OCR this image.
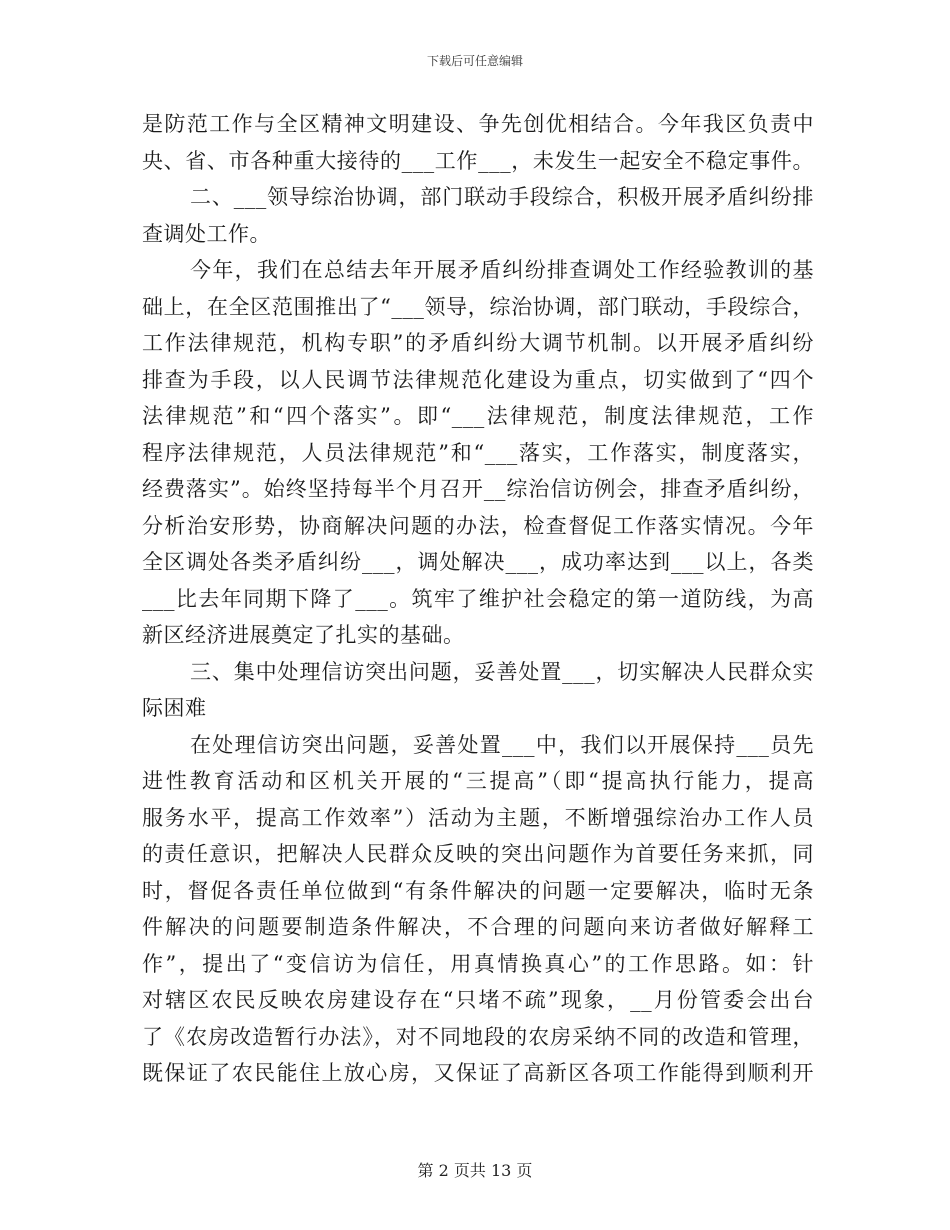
下载后可任意编辑
是防范工作与全区精神文明建设、争先创优相结合。今年我区负责中
央、省、市各种重大接待的___工作___，未发生一起安全不稳定事件。
二、___领导综治协调，部门联动手段综合，积极开展矛盾纠纷排
查调处工作。
今年，我们在总结去年开展矛盾纠纷排查调处工作经验教训的基
础上，在全区范围推出了“___领导，综治协调，部门联动，手段综合，
工作法律规范，机构专职”的矛盾纠纷大调节机制。以开展矛盾纠纷
排查为手段，以人民调节法律规范化建设为重点，切实做到了“四个
法律规范”和“四个落实”。即“___法律规范，制度法律规范，工作
程序法律规范，人员法律规范”和“___落实，工作落实，制度落实，
经费落实”。始终坚持每半个月召开__综治信访例会，排查矛盾纠纷，
分析治安形势，协商解决问题的办法，检查督促工作落实情况。今年
全区调处各类矛盾纠纷___，调处解决___，成功率达到___以上，各类
___比去年同期下降了___。筑牢了维护社会稳定的第一道防线，为高
新区经济进展奠定了扎实的基础。
三、集中处理信访突出问题，妥善处置___，切实解决人民群众实
际困难
在处理信访突出问题，妥善处置___中，我们以开展保持___员先
进性教育活动和区机关开展的“三提高”（即“提高执行能力，提高
服务水平，提高工作效率”）活动为主题，不断增强综治办工作人员
的责任意识，把解决人民群众反映的突出问题作为首要任务来抓，同
时，督促各责任单位做到“有条件解决的问题一定要解决，临时无条
件解决的问题要制造条件解决，不合理的问题向来访者做好解释工
作”，提出了“变信访为信任，用真情换真心”的工作思路。如：针
对辖区农民反映农房建设存在“只堵不疏”现象，__月份管委会出台
了《农房改造暂行办法》，对不同地段的农房采纳不同的改造和管理，
既保证了农民能住上放心房，又保证了高新区各项工作能得到顺利开
第 2 页共 13 页
